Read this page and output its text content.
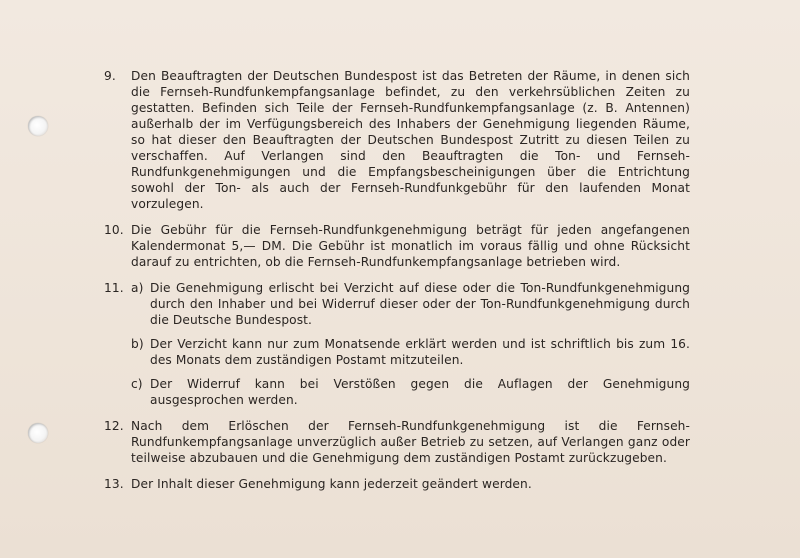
9.	Den Beauftragten der Deutschen Bundespost ist das Betreten der Räume, in denen sich die Fernseh-Rundfunkempfangsanlage befindet, zu den verkehrsüblichen Zeiten zu gestatten. Befinden sich Teile der Fernseh-Rundfunkempfangsanlage (z. B. Antennen) außerhalb der im Verfügungsbereich des Inhabers der Genehmigung liegenden Räume, so hat dieser den Beauftragten der Deutschen Bundespost Zutritt zu diesen Teilen zu verschaffen. Auf Verlangen sind den Beauftragten die Ton- und Fernseh-Rundfunkgenehmigungen und die Empfangsbescheinigungen über die Entrichtung sowohl der Ton- als auch der Fernseh-Rundfunkgebühr für den laufenden Monat vorzulegen.
10. Die Gebühr für die Fernseh-Rundfunkgenehmigung beträgt für jeden angefangenen Kalendermonat 5,— DM. Die Gebühr ist monatlich im voraus fällig und ohne Rücksicht darauf zu entrichten, ob die Fernseh-Rundfunkempfangsanlage betrieben wird.
11. a) Die Genehmigung erlischt bei Verzicht auf diese oder die Ton-Rundfunkgenehmigung durch den Inhaber und bei Widerruf dieser oder der Ton-Rundfunkgenehmigung durch die Deutsche Bundespost.
b) Der Verzicht kann nur zum Monatsende erklärt werden und ist schriftlich bis zum 16. des Monats dem zuständigen Postamt mitzuteilen.
c) Der Widerruf kann bei Verstößen gegen die Auflagen der Genehmigung ausgesprochen werden.
12. Nach dem Erlöschen der Fernseh-Rundfunkgenehmigung ist die Fernseh-Rundfunkempfangsanlage unverzüglich außer Betrieb zu setzen, auf Verlangen ganz oder teilweise abzubauen und die Genehmigung dem zuständigen Postamt zurückzugeben.
13. Der Inhalt dieser Genehmigung kann jederzeit geändert werden.
